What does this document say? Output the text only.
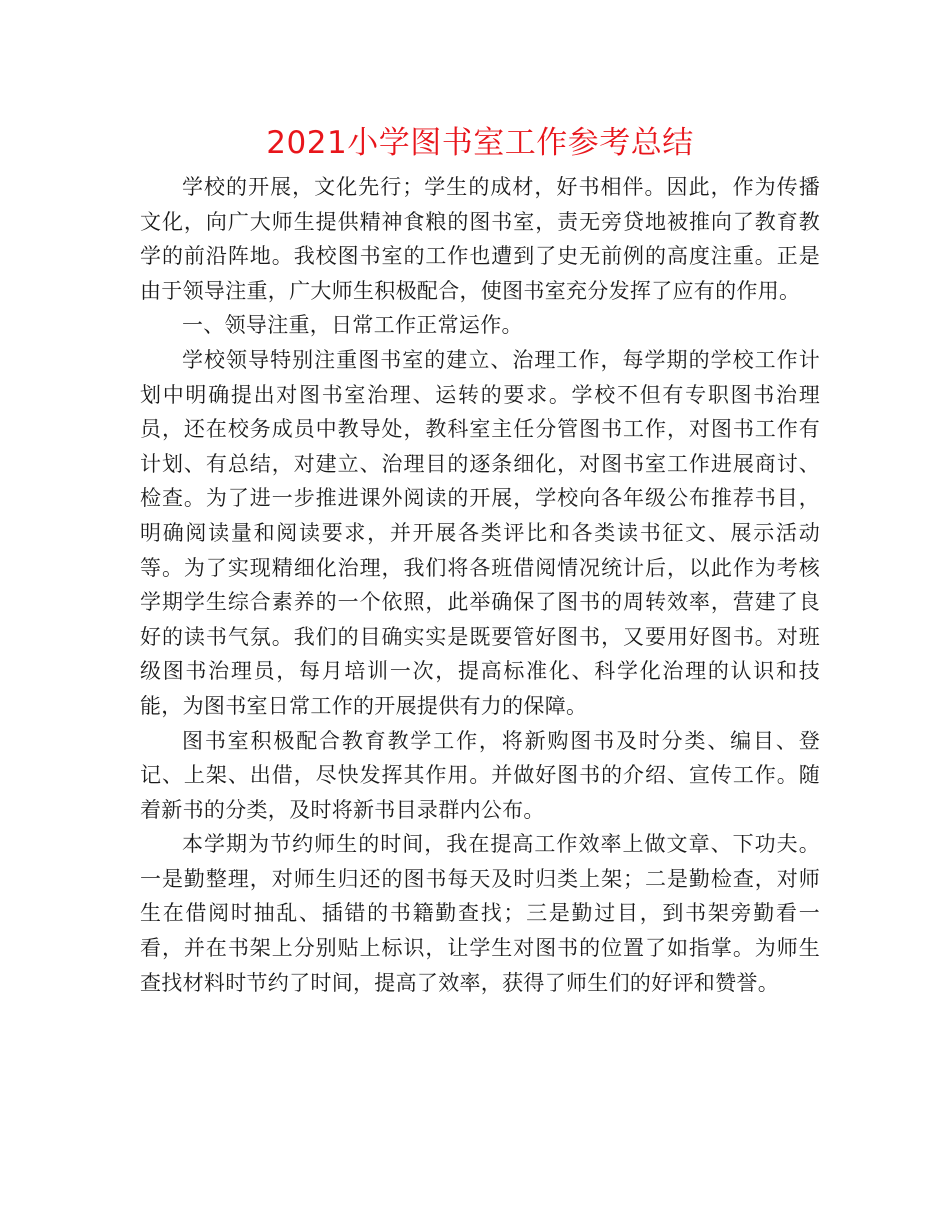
2021小学图书室工作参考总结

学校的开展，文化先行；学生的成材，好书相伴。因此，作为传播文化，向广大师生提供精神食粮的图书室，责无旁贷地被推向了教育教学的前沿阵地。我校图书室的工作也遭到了史无前例的高度注重。正是由于领导注重，广大师生积极配合，使图书室充分发挥了应有的作用。

一、领导注重，日常工作正常运作。

学校领导特别注重图书室的建立、治理工作，每学期的学校工作计划中明确提出对图书室治理、运转的要求。学校不但有专职图书治理员，还在校务成员中教导处，教科室主任分管图书工作，对图书工作有计划、有总结，对建立、治理目的逐条细化，对图书室工作进展商讨、检查。为了进一步推进课外阅读的开展，学校向各年级公布推荐书目，明确阅读量和阅读要求，并开展各类评比和各类读书征文、展示活动等。为了实现精细化治理，我们将各班借阅情况统计后，以此作为考核学期学生综合素养的一个依照，此举确保了图书的周转效率，营建了良好的读书气氛。我们的目确实实是既要管好图书，又要用好图书。对班级图书治理员，每月培训一次，提高标准化、科学化治理的认识和技能，为图书室日常工作的开展提供有力的保障。

图书室积极配合教育教学工作，将新购图书及时分类、编目、登记、上架、出借，尽快发挥其作用。并做好图书的介绍、宣传工作。随着新书的分类，及时将新书目录群内公布。

本学期为节约师生的时间，我在提高工作效率上做文章、下功夫。一是勤整理，对师生归还的图书每天及时归类上架；二是勤检查，对师生在借阅时抽乱、插错的书籍勤查找；三是勤过目，到书架旁勤看一看，并在书架上分别贴上标识，让学生对图书的位置了如指掌。为师生查找材料时节约了时间，提高了效率，获得了师生们的好评和赞誉。
